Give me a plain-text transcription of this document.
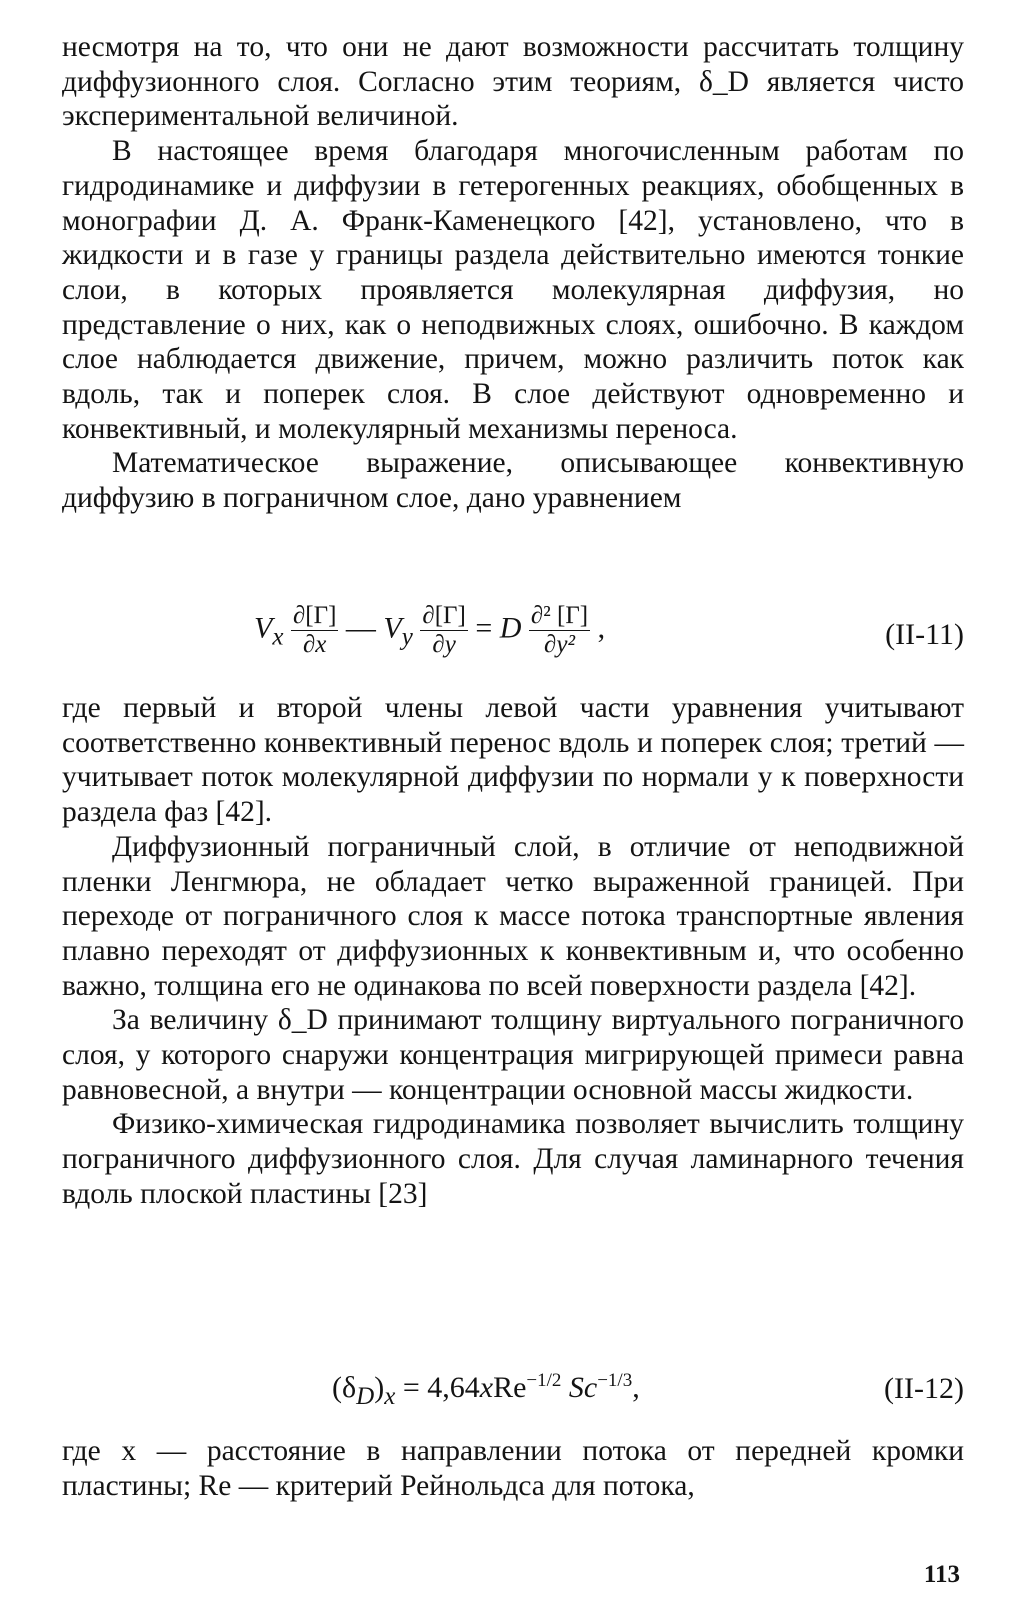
несмотря на то, что они не дают возможности рассчитать толщину диффузионного слоя. Согласно этим теориям, δ_D является чисто экспериментальной величиной.

В настоящее время благодаря многочисленным работам по гидродинамике и диффузии в гетерогенных реакциях, обобщенных в монографии Д. А. Франк-Каменецкого [42], установлено, что в жидкости и в газе у границы раздела действительно имеются тонкие слои, в которых проявляется молекулярная диффузия, но представление о них, как о неподвижных слоях, ошибочно. В каждом слое наблюдается движение, причем, можно различить поток как вдоль, так и поперек слоя. В слое действуют одновременно и конвективный, и молекулярный механизмы переноса.

Математическое выражение, описывающее конвективную диффузию в пограничном слое, дано уравнением

$V_x \frac{\partial[\Gamma]}{\partial x}$ — $V_y \frac{\partial[\Gamma]}{\partial y} = D \frac{\text{∂² [Γ]}}{\text{∂y²}}$ ,	(II-11)

где первый и второй члены левой части уравнения учитывают соответственно конвективный перенос вдоль и поперек слоя; третий — учитывает поток молекулярной диффузии по нормали y к поверхности раздела фаз [42].

Диффузионный пограничный слой, в отличие от неподвижной пленки Ленгмюра, не обладает четко выраженной границей. При переходе от пограничного слоя к массе потока транспортные явления плавно переходят от диффузионных к конвективным и, что особенно важно, толщина его не одинакова по всей поверхности раздела [42].

За величину δ_D принимают толщину виртуального пограничного слоя, у которого снаружи концентрация мигрирующей примеси равна равновесной, а внутри — концентрации основной массы жидкости.

Физико-химическая гидродинамика позволяет вычислить толщину пограничного диффузионного слоя. Для случая ламинарного течения вдоль плоской пластины [23]

$(\delta_D)_x = 4,64xRe^{-1/2}$ $Sc^{-1/3}$,	(II-12)

где x — расстояние в направлении потока от передней кромки пластины; Re — критерий Рейнольдса для потока,

113
